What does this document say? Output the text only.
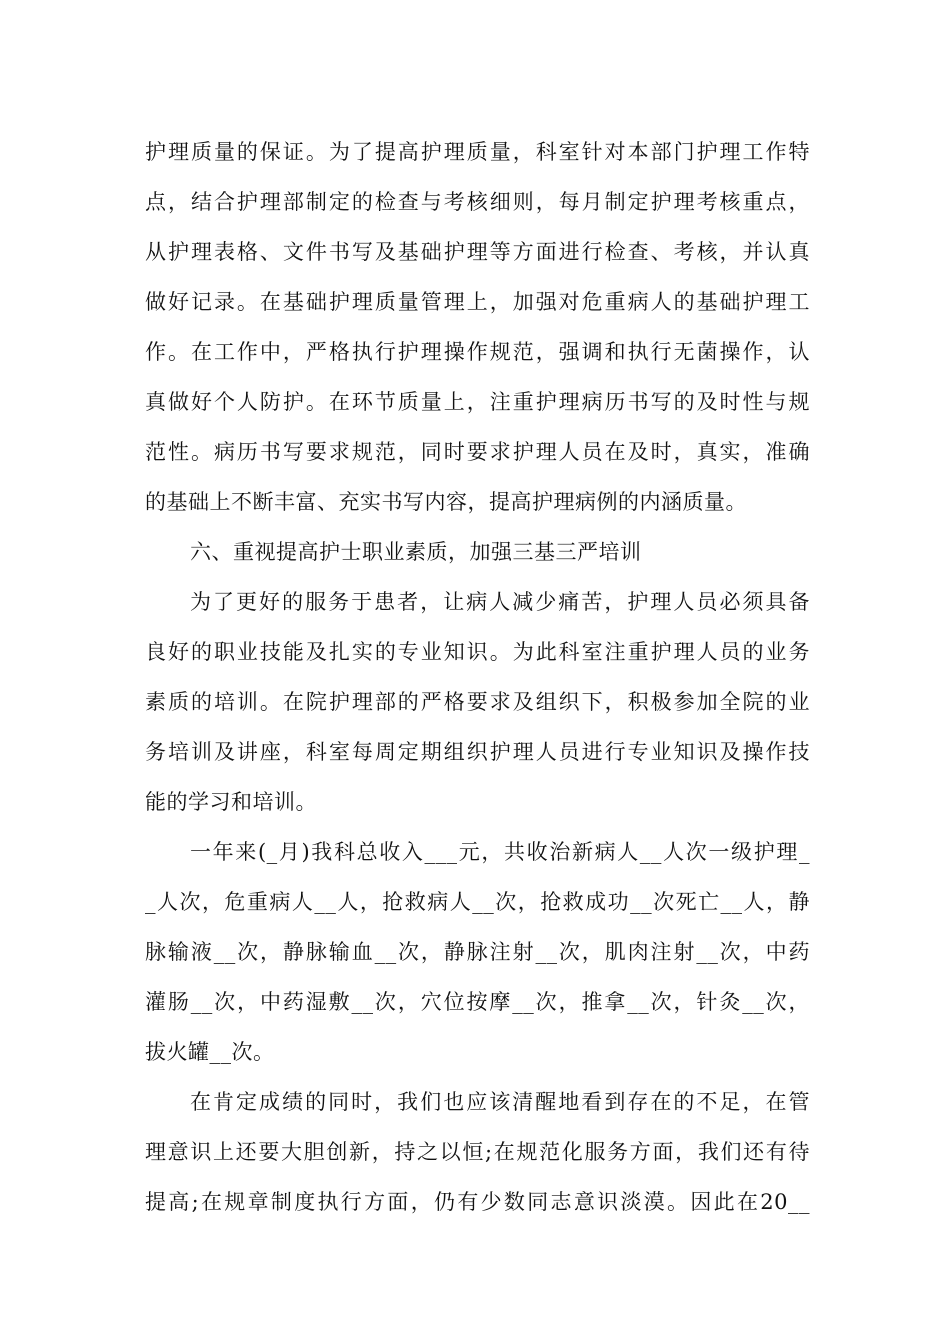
护理质量的保证。为了提高护理质量，科室针对本部门护理工作特
点，结合护理部制定的检查与考核细则，每月制定护理考核重点，
从护理表格、文件书写及基础护理等方面进行检查、考核，并认真
做好记录。在基础护理质量管理上，加强对危重病人的基础护理工
作。在工作中，严格执行护理操作规范，强调和执行无菌操作，认
真做好个人防护。在环节质量上，注重护理病历书写的及时性与规
范性。病历书写要求规范，同时要求护理人员在及时，真实，准确
的基础上不断丰富、充实书写内容，提高护理病例的内涵质量。
六、重视提高护士职业素质，加强三基三严培训
为了更好的服务于患者，让病人减少痛苦，护理人员必须具备
良好的职业技能及扎实的专业知识。为此科室注重护理人员的业务
素质的培训。在院护理部的严格要求及组织下，积极参加全院的业
务培训及讲座，科室每周定期组织护理人员进行专业知识及操作技
能的学习和培训。
一年来(_月)我科总收入___元，共收治新病人__人次一级护理_
_人次，危重病人__人，抢救病人__次，抢救成功__次死亡__人，静
脉输液__次，静脉输血__次，静脉注射__次，肌肉注射__次，中药
灌肠__次，中药湿敷__次，穴位按摩__次，推拿__次，针灸__次，
拔火罐__次。
在肯定成绩的同时，我们也应该清醒地看到存在的不足，在管
理意识上还要大胆创新，持之以恒;在规范化服务方面，我们还有待
提高;在规章制度执行方面，仍有少数同志意识淡漠。因此在20__
